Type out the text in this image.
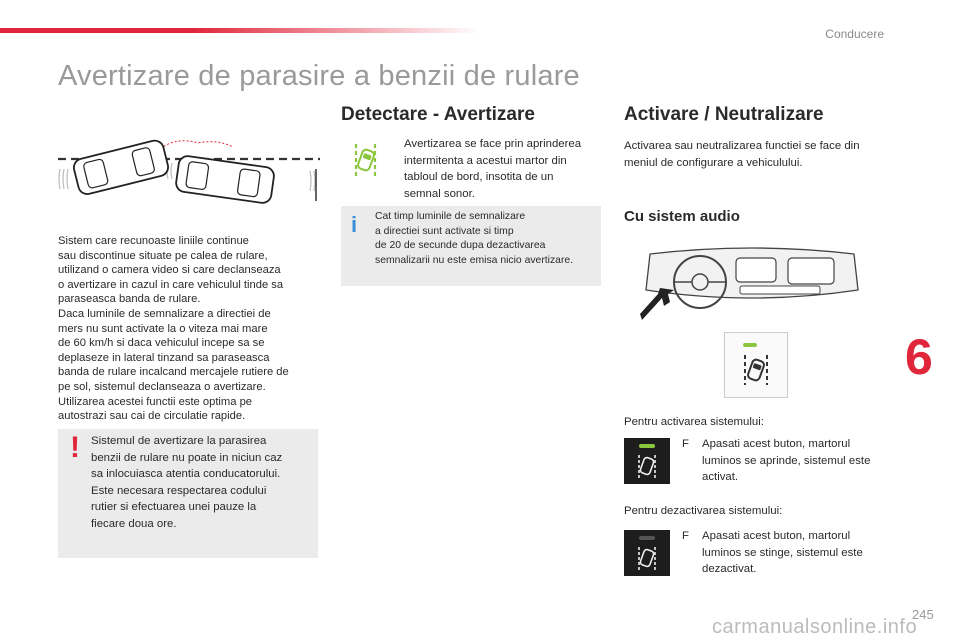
Conducere
Avertizare de parasire a benzii de rulare
Sistem care recunoaste liniile continue
sau discontinue situate pe calea de rulare,
utilizand o camera video si care declanseaza
o avertizare in cazul in care vehiculul tinde sa
paraseasca banda de rulare.
Daca luminile de semnalizare a directiei de
mers nu sunt activate la o viteza mai mare
de 60 km/h si daca vehiculul incepe sa se
deplaseze in lateral tinzand sa paraseasca
banda de rulare incalcand mercajele rutiere de
pe sol, sistemul declanseaza o avertizare.
Utilizarea acestei functii este optima pe
autostrazi sau cai de circulatie rapide.
! Sistemul de avertizare la parasirea
benzii de rulare nu poate in niciun caz
sa inlocuiasca atentia conducatorului.
Este necesara respectarea codului
rutier si efectuarea unei pauze la
fiecare doua ore.
Detectare - Avertizare
Avertizarea se face prin aprinderea
intermitenta a acestui martor din
tabloul de bord, insotita de un
semnal sonor.
i Cat timp luminile de semnalizare
a directiei sunt activate si timp
de 20 de secunde dupa dezactivarea
semnalizarii nu este emisa nicio avertizare.
Activare / Neutralizare
Activarea sau neutralizarea functiei se face din
meniul de configurare a vehiculului.
Cu sistem audio
Pentru activarea sistemului:
F Apasati acest buton, martorul
luminos se aprinde, sistemul este
activat.
Pentru dezactivarea sistemului:
F Apasati acest buton, martorul
luminos se stinge, sistemul este
dezactivat.
6
carmanualsonline.info
245
